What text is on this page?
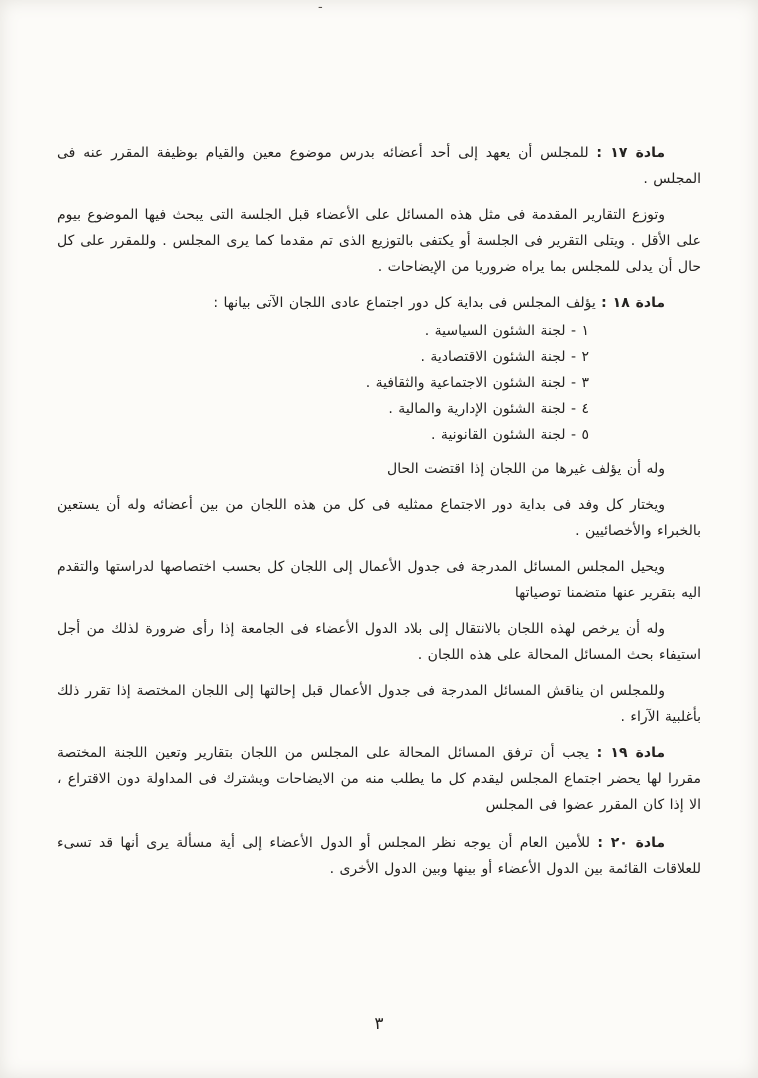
-

مادة ١٧ : للمجلس أن يعهد إلى أحد أعضائه بدرس موضوع معين والقيام بوظيفة المقرر عنه فى المجلس .

وتوزع التقارير المقدمة فى مثل هذه المسائل على الأعضاء قبل الجلسة التى يبحث فيها الموضوع بيوم على الأقل . ويتلى التقرير فى الجلسة أو يكتفى بالتوزيع الذى تم مقدما كما يرى المجلس . وللمقرر على كل حال أن يدلى للمجلس بما يراه ضروريا من الإيضاحات .

مادة ١٨ : يؤلف المجلس فى بداية كل دور اجتماع عادى اللجان الآتى بيانها :

١ - لجنة الشئون السياسية .
٢ - لجنة الشئون الاقتصادية .
٣ - لجنة الشئون الاجتماعية والثقافية .
٤ - لجنة الشئون الإدارية والمالية .
٥ - لجنة الشئون القانونية .

وله أن يؤلف غيرها من اللجان إذا اقتضت الحال

ويختار كل وفد فى بداية دور الاجتماع ممثليه فى كل من هذه اللجان من بين أعضائه وله أن يستعين بالخبراء والأخصائيين .

ويحيل المجلس المسائل المدرجة فى جدول الأعمال إلى اللجان كل بحسب اختصاصها لدراستها والتقدم اليه بتقرير عنها متضمنا توصياتها

وله أن يرخص لهذه اللجان بالانتقال إلى بلاد الدول الأعضاء فى الجامعة إذا رأى ضرورة لذلك من أجل استيفاء بحث المسائل المحالة على هذه اللجان .

وللمجلس ان يناقش المسائل المدرجة فى جدول الأعمال قبل إحالتها إلى اللجان المختصة إذا تقرر ذلك بأغلبية الآراء .

مادة ١٩ : يجب أن ترفق المسائل المحالة على المجلس من اللجان بتقارير وتعين اللجنة المختصة مقررا لها يحضر اجتماع المجلس ليقدم كل ما يطلب منه من الايضاحات ويشترك فى المداولة دون الاقتراع ، الا إذا كان المقرر عضوا فى المجلس

مادة ٢٠ : للأمين العام أن يوجه نظر المجلس أو الدول الأعضاء إلى أية مسألة يرى أنها قد تسىء للعلاقات القائمة بين الدول الأعضاء أو بينها وبين الدول الأخرى .

٣
